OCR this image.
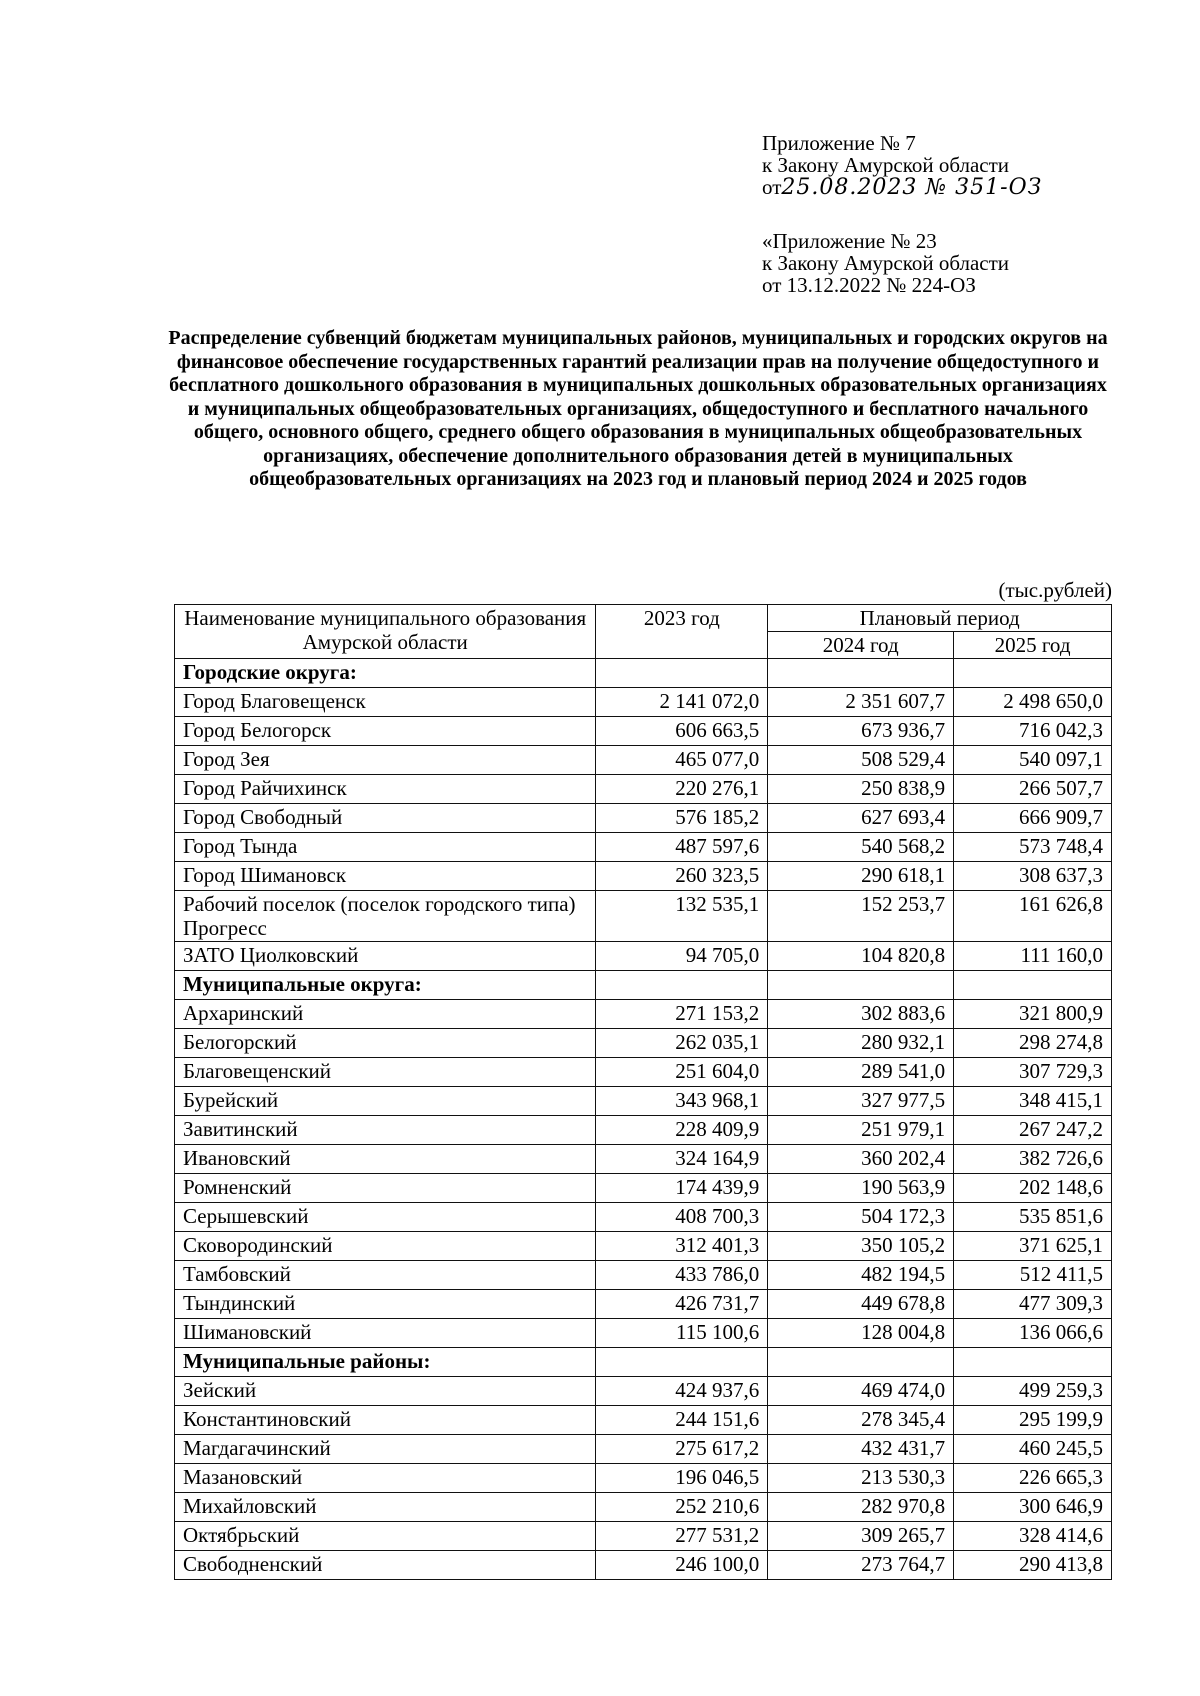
Приложение № 7
к Закону Амурской области
от25.08.2023 № 351-ОЗ
«Приложение № 23
к Закону Амурской области
от 13.12.2022 № 224-ОЗ
Распределение субвенций бюджетам муниципальных районов, муниципальных и городских округов на финансовое обеспечение государственных гарантий реализации прав на получение общедоступного и бесплатного дошкольного образования в муниципальных дошкольных образовательных организациях и муниципальных общеобразовательных организациях, общедоступного и бесплатного начального общего, основного общего, среднего общего образования в муниципальных общеобразовательных организациях, обеспечение дополнительного образования детей в муниципальных общеобразовательных организациях на 2023 год и плановый период 2024 и 2025 годов
(тыс.рублей)
Наименование муниципального образования Амурской области	2023 год	Плановый период	
		2024 год	2025 год
Городские округа:			
Город Благовещенск	2 141 072,0	2 351 607,7	2 498 650,0
Город Белогорск	606 663,5	673 936,7	716 042,3
Город Зея	465 077,0	508 529,4	540 097,1
Город Райчихинск	220 276,1	250 838,9	266 507,7
Город Свободный	576 185,2	627 693,4	666 909,7
Город Тында	487 597,6	540 568,2	573 748,4
Город Шимановск	260 323,5	290 618,1	308 637,3
Рабочий поселок (поселок городского типа) Прогресс	132 535,1	152 253,7	161 626,8
ЗАТО Циолковский	94 705,0	104 820,8	111 160,0
Муниципальные округа:			
Архаринский	271 153,2	302 883,6	321 800,9
Белогорский	262 035,1	280 932,1	298 274,8
Благовещенский	251 604,0	289 541,0	307 729,3
Бурейский	343 968,1	327 977,5	348 415,1
Завитинский	228 409,9	251 979,1	267 247,2
Ивановский	324 164,9	360 202,4	382 726,6
Ромненский	174 439,9	190 563,9	202 148,6
Серышевский	408 700,3	504 172,3	535 851,6
Сковородинский	312 401,3	350 105,2	371 625,1
Тамбовский	433 786,0	482 194,5	512 411,5
Тындинский	426 731,7	449 678,8	477 309,3
Шимановский	115 100,6	128 004,8	136 066,6
Муниципальные районы:			
Зейский	424 937,6	469 474,0	499 259,3
Константиновский	244 151,6	278 345,4	295 199,9
Магдагачинский	275 617,2	432 431,7	460 245,5
Мазановский	196 046,5	213 530,3	226 665,3
Михайловский	252 210,6	282 970,8	300 646,9
Октябрьский	277 531,2	309 265,7	328 414,6
Свободненский	246 100,0	273 764,7	290 413,8
